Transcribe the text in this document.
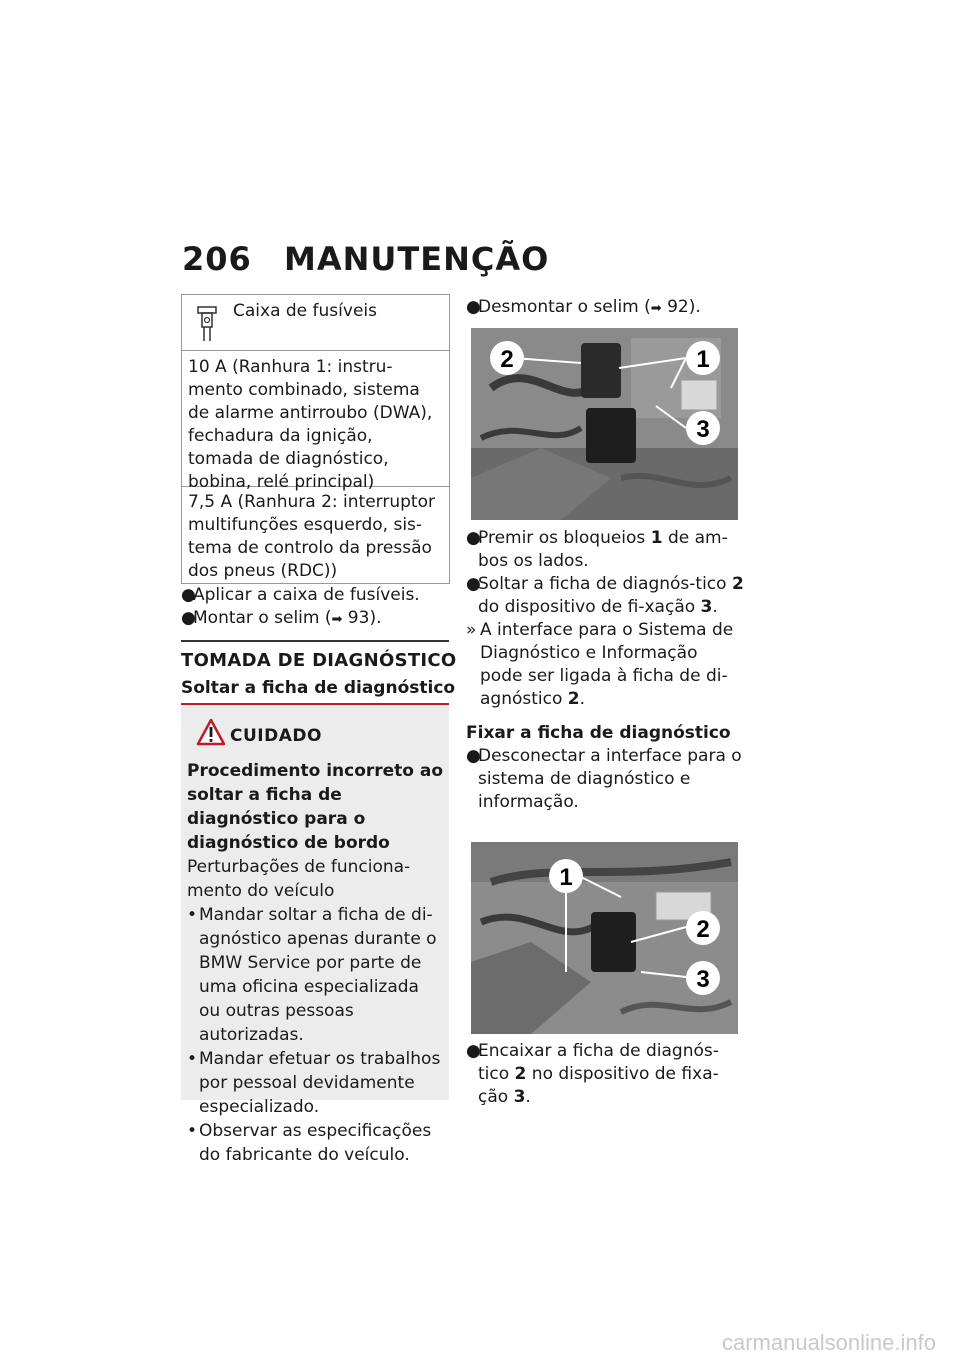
206 MANUTENÇÃO
Caixa de fusíveis
10 A (Ranhura 1: instru-mento combinado, sistema de alarme antirroubo (DWA), fechadura da ignição, tomada de diagnóstico, bobina, relé principal)
7,5 A (Ranhura 2: interruptor multifunções esquerdo, sis-tema de controlo da pressão dos pneus (RDC))
●
Aplicar a caixa de fusíveis.
●
Montar o selim (➡ 93).
TOMADA DE DIAGNÓSTICO
Soltar a ficha de diagnóstico
CUIDADO
Procedimento incorreto ao soltar a ficha de diagnóstico para o diagnóstico de bordo
Perturbações de funciona-mento do veículo
• Mandar soltar a ficha de di-agnóstico apenas durante o BMW Service por parte de uma oficina especializada ou outras pessoas autorizadas.
• Mandar efetuar os trabalhos por pessoal devidamente especializado.
• Observar as especificações do fabricante do veículo.
●
Desmontar o selim (➡ 92).
2	1
3
●
Premir os bloqueios 1 de am-bos os lados.
●
Soltar a ficha de diagnós-tico 2 do dispositivo de fi-xação 3.
» A interface para o Sistema de Diagnóstico e Informação pode ser ligada à ficha de di-agnóstico 2.
Fixar a ficha de diagnóstico
●
Desconectar a interface para o sistema de diagnóstico e informação.
1
2
3
●
Encaixar a ficha de diagnós-tico 2 no dispositivo de fixa-ção 3.
carmanualsonline.info
